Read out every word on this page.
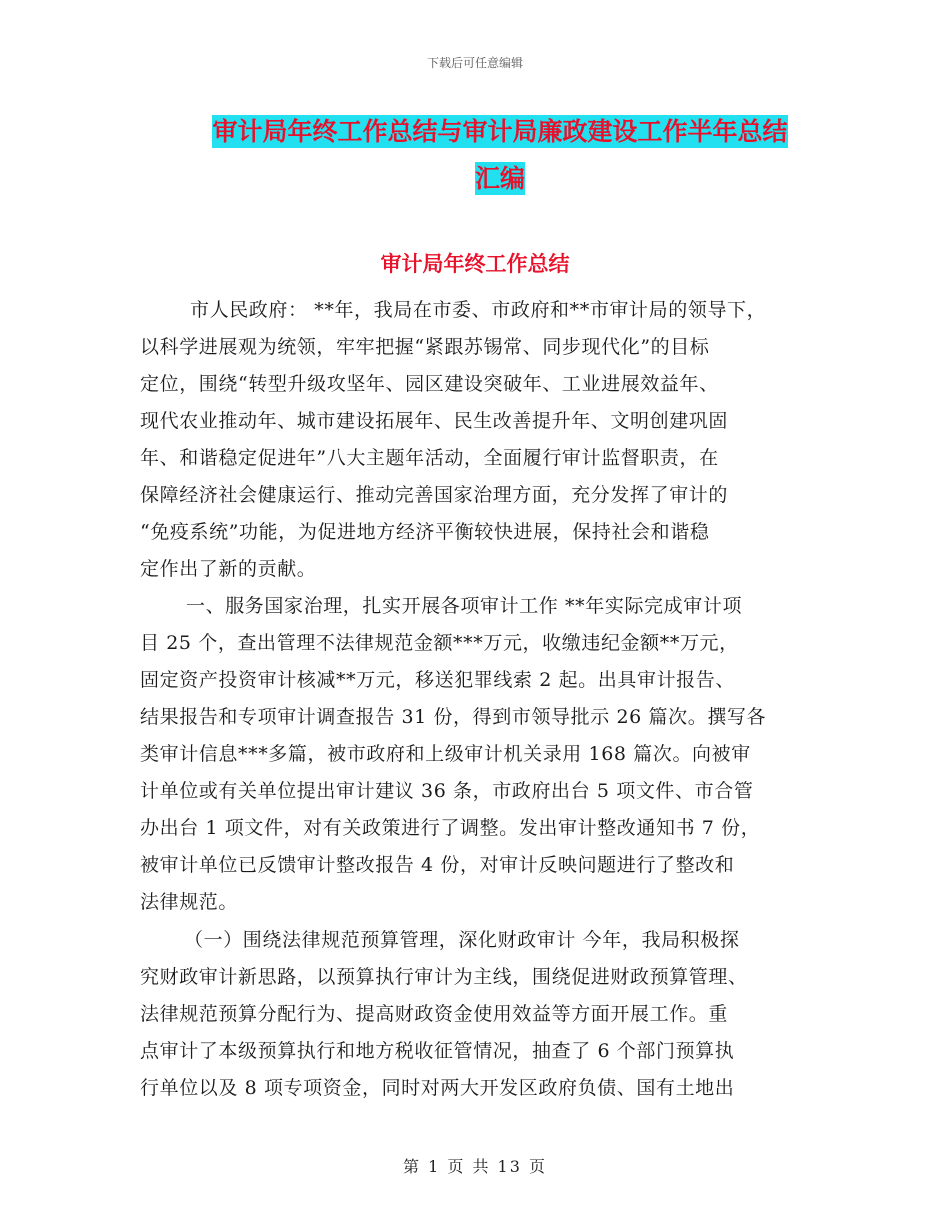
下载后可任意编辑
审计局年终工作总结与审计局廉政建设工作半年总结
汇编
审计局年终工作总结
市人民政府： **年，我局在市委、市政府和**市审计局的领导下，
以科学进展观为统领，牢牢把握“紧跟苏锡常、同步现代化”的目标
定位，围绕“转型升级攻坚年、园区建设突破年、工业进展效益年、
现代农业推动年、城市建设拓展年、民生改善提升年、文明创建巩固
年、和谐稳定促进年”八大主题年活动，全面履行审计监督职责，在
保障经济社会健康运行、推动完善国家治理方面，充分发挥了审计的
“免疫系统”功能，为促进地方经济平衡较快进展，保持社会和谐稳
定作出了新的贡献。
一、服务国家治理，扎实开展各项审计工作 **年实际完成审计项
目 25 个，查出管理不法律规范金额***万元，收缴违纪金额**万元，
固定资产投资审计核减**万元，移送犯罪线索 2 起。出具审计报告、
结果报告和专项审计调查报告 31 份，得到市领导批示 26 篇次。撰写各
类审计信息***多篇，被市政府和上级审计机关录用 168 篇次。向被审
计单位或有关单位提出审计建议 36 条，市政府出台 5 项文件、市合管
办出台 1 项文件，对有关政策进行了调整。发出审计整改通知书 7 份，
被审计单位已反馈审计整改报告 4 份，对审计反映问题进行了整改和
法律规范。
（一）围绕法律规范预算管理，深化财政审计 今年，我局积极探
究财政审计新思路，以预算执行审计为主线，围绕促进财政预算管理、
法律规范预算分配行为、提高财政资金使用效益等方面开展工作。重
点审计了本级预算执行和地方税收征管情况，抽查了 6 个部门预算执
行单位以及 8 项专项资金，同时对两大开发区政府负债、国有土地出
第 1 页 共 13 页
